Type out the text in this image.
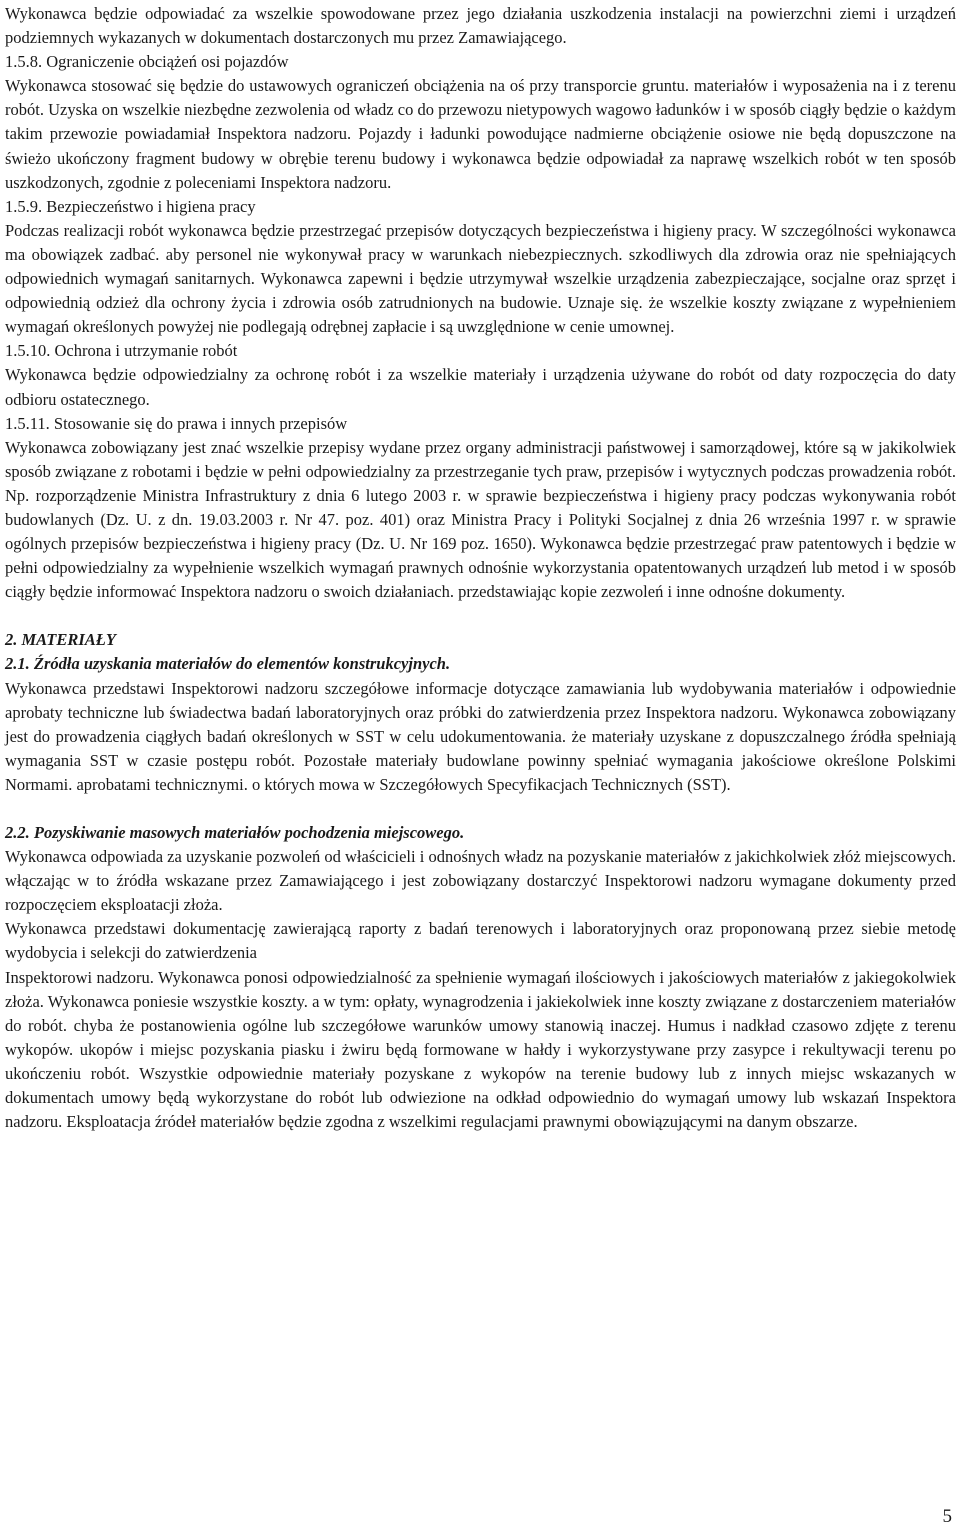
Wykonawca będzie odpowiadać za wszelkie spowodowane przez jego działania uszkodzenia instalacji na powierzchni ziemi i urządzeń podziemnych wykazanych w dokumentach dostarczonych mu przez Zamawiającego.

1.5.8. Ograniczenie obciążeń osi pojazdów

Wykonawca stosować się będzie do ustawowych ograniczeń obciążenia na oś przy transporcie gruntu. materiałów i wyposażenia na i z terenu robót. Uzyska on wszelkie niezbędne zezwolenia od władz co do przewozu nietypowych wagowo ładunków i w sposób ciągły będzie o każdym takim przewozie powiadamiał Inspektora nadzoru. Pojazdy i ładunki powodujące nadmierne obciążenie osiowe nie będą dopuszczone na świeżo ukończony fragment budowy w obrębie terenu budowy i wykonawca będzie odpowiadał za naprawę wszelkich robót w ten sposób uszkodzonych, zgodnie z poleceniami Inspektora nadzoru.

1.5.9. Bezpieczeństwo i higiena pracy

Podczas realizacji robót wykonawca będzie przestrzegać przepisów dotyczących bezpieczeństwa i higieny pracy. W szczególności wykonawca ma obowiązek zadbać. aby personel nie wykonywał pracy w warunkach niebezpiecznych. szkodliwych dla zdrowia oraz nie spełniających odpowiednich wymagań sanitarnych. Wykonawca zapewni i będzie utrzymywał wszelkie urządzenia zabezpieczające, socjalne oraz sprzęt i odpowiednią odzież dla ochrony życia i zdrowia osób zatrudnionych na budowie. Uznaje się. że wszelkie koszty związane z wypełnieniem wymagań określonych powyżej nie podlegają odrębnej zapłacie i są uwzględnione w cenie umownej.

1.5.10. Ochrona i utrzymanie robót

Wykonawca będzie odpowiedzialny za ochronę robót i za wszelkie materiały i urządzenia używane do robót od daty rozpoczęcia do daty odbioru ostatecznego.

1.5.11. Stosowanie się do prawa i innych przepisów

Wykonawca zobowiązany jest znać wszelkie przepisy wydane przez organy administracji państwowej i samorządowej, które są w jakikolwiek sposób związane z robotami i będzie w pełni odpowiedzialny za przestrzeganie tych praw, przepisów i wytycznych podczas prowadzenia robót. Np. rozporządzenie Ministra Infrastruktury z dnia 6 lutego 2003 r. w sprawie bezpieczeństwa i higieny pracy podczas wykonywania robót budowlanych (Dz. U. z dn. 19.03.2003 r. Nr 47. poz. 401) oraz Ministra Pracy i Polityki Socjalnej z dnia 26 września 1997 r. w sprawie ogólnych przepisów bezpieczeństwa i higieny pracy (Dz. U. Nr 169 poz. 1650). Wykonawca będzie przestrzegać praw patentowych i będzie w pełni odpowiedzialny za wypełnienie wszelkich wymagań prawnych odnośnie wykorzystania opatentowanych urządzeń lub metod i w sposób ciągły będzie informować Inspektora nadzoru o swoich działaniach. przedstawiając kopie zezwoleń i inne odnośne dokumenty.

2. MATERIAŁY

2.1. Źródła uzyskania materiałów do elementów konstrukcyjnych.

Wykonawca przedstawi Inspektorowi nadzoru szczegółowe informacje dotyczące zamawiania lub wydobywania materiałów i odpowiednie aprobaty techniczne lub świadectwa badań laboratoryjnych oraz próbki do zatwierdzenia przez Inspektora nadzoru. Wykonawca zobowiązany jest do prowadzenia ciągłych badań określonych w SST w celu udokumentowania. że materiały uzyskane z dopuszczalnego źródła spełniają wymagania SST w czasie postępu robót. Pozostałe materiały budowlane powinny spełniać wymagania jakościowe określone Polskimi Normami. aprobatami technicznymi. o których mowa w Szczegółowych Specyfikacjach Technicznych (SST).

2.2. Pozyskiwanie masowych materiałów pochodzenia miejscowego.

Wykonawca odpowiada za uzyskanie pozwoleń od właścicieli i odnośnych władz na pozyskanie materiałów z jakichkolwiek złóż miejscowych. włączając w to źródła wskazane przez Zamawiającego i jest zobowiązany dostarczyć Inspektorowi nadzoru wymagane dokumenty przed rozpoczęciem eksploatacji złoża.

Wykonawca przedstawi dokumentację zawierającą raporty z badań terenowych i laboratoryjnych oraz proponowaną przez siebie metodę wydobycia i selekcji do zatwierdzenia

Inspektorowi nadzoru. Wykonawca ponosi odpowiedzialność za spełnienie wymagań ilościowych i jakościowych materiałów z jakiegokolwiek złoża. Wykonawca poniesie wszystkie koszty. a w tym: opłaty, wynagrodzenia i jakiekolwiek inne koszty związane z dostarczeniem materiałów do robót. chyba że postanowienia ogólne lub szczegółowe warunków umowy stanowią inaczej. Humus i nadkład czasowo zdjęte z terenu wykopów. ukopów i miejsc pozyskania piasku i żwiru będą formowane w hałdy i wykorzystywane przy zasypce i rekultywacji terenu po ukończeniu robót. Wszystkie odpowiednie materiały pozyskane z wykopów na terenie budowy lub z innych miejsc wskazanych w dokumentach umowy będą wykorzystane do robót lub odwiezione na odkład odpowiednio do wymagań umowy lub wskazań Inspektora nadzoru. Eksploatacja źródeł materiałów będzie zgodna z wszelkimi regulacjami prawnymi obowiązującymi na danym obszarze.

5
